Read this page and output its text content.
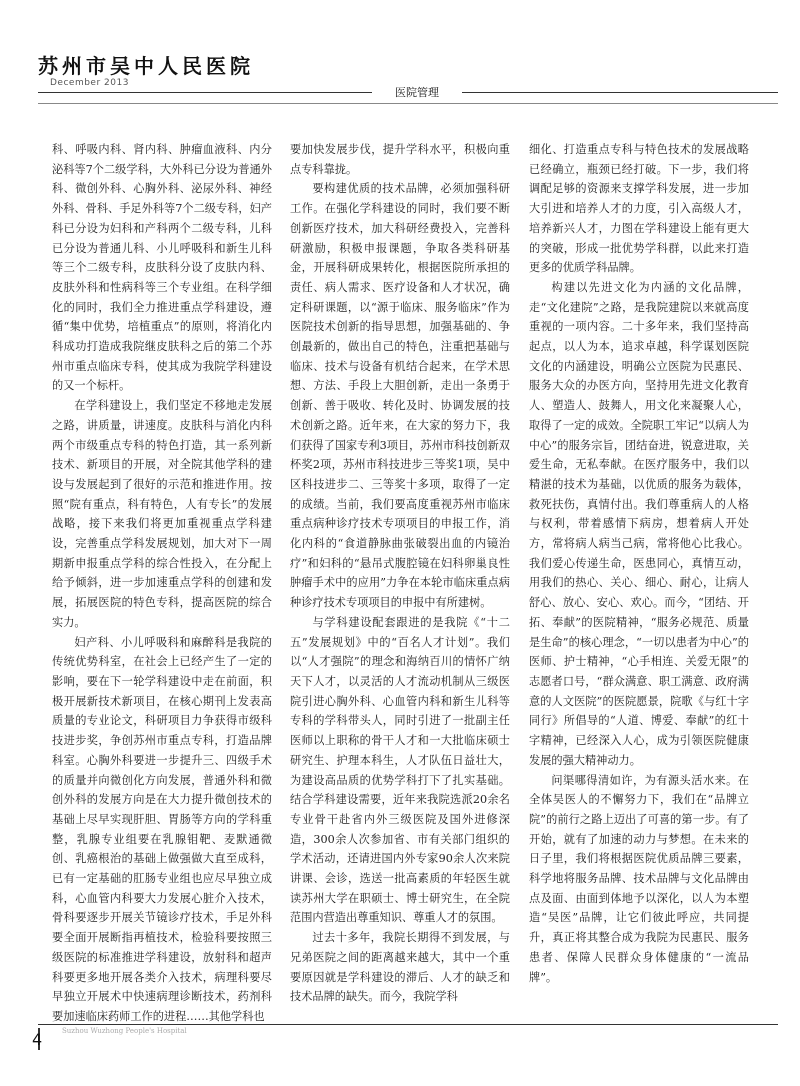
苏州市吴中人民医院
December 2013
医院管理

科、呼吸内科、肾内科、肿瘤血液科、内分泌科等7个二级学科，大外科已分设为普通外科、微创外科、心胸外科、泌尿外科、神经外科、骨科、手足外科等7个二级专科，妇产科已分设为妇科和产科两个二级专科，儿科已分设为普通儿科、小儿呼吸科和新生儿科等三个二级专科，皮肤科分设了皮肤内科、皮肤外科和性病科等三个专业组。在科学细化的同时，我们全力推进重点学科建设，遵循“集中优势，培植重点”的原则，将消化内科成功打造成我院继皮肤科之后的第二个苏州市重点临床专科，使其成为我院学科建设的又一个标杆。

在学科建设上，我们坚定不移地走发展之路，讲质量，讲速度。皮肤科与消化内科两个市级重点专科的特色打造，其一系列新技术、新项目的开展，对全院其他学科的建设与发展起到了很好的示范和推进作用。按照“院有重点，科有特色，人有专长”的发展战略，接下来我们将更加重视重点学科建设，完善重点学科发展规划，加大对下一周期新申报重点学科的综合性投入，在分配上给予倾斜，进一步加速重点学科的创建和发展，拓展医院的特色专科，提高医院的综合实力。

妇产科、小儿呼吸科和麻醉科是我院的传统优势科室，在社会上已经产生了一定的影响，要在下一轮学科建设中走在前面，积极开展新技术新项目，在核心期刊上发表高质量的专业论文，科研项目力争获得市级科技进步奖，争创苏州市重点专科，打造品牌科室。心胸外科要进一步提升三、四级手术的质量并向微创化方向发展，普通外科和微创外科的发展方向是在大力提升微创技术的基础上尽早实现肝胆、胃肠等方向的学科重整，乳腺专业组要在乳腺钼靶、麦默通微创、乳癌根治的基础上做强做大直至成科，已有一定基础的肛肠专业组也应尽早独立成科，心血管内科要大力发展心脏介入技术，骨科要逐步开展关节镜诊疗技术，手足外科要全面开展断指再植技术，检验科要按照三级医院的标准推进学科建设，放射科和超声科要更多地开展各类介入技术，病理科要尽早独立开展术中快速病理诊断技术，药剂科要加速临床药师工作的进程……其他学科也

要加快发展步伐，提升学科水平，积极向重点专科靠拢。

要构建优质的技术品牌，必须加强科研工作。在强化学科建设的同时，我们要不断创新医疗技术，加大科研经费投入，完善科研激励，积极申报课题，争取各类科研基金，开展科研成果转化，根据医院所承担的责任、病人需求、医疗设备和人才状况，确定科研课题，以“源于临床、服务临床”作为医院技术创新的指导思想，加强基础的、争创最新的，做出自己的特色，注重把基础与临床、技术与设备有机结合起来，在学术思想、方法、手段上大胆创新，走出一条勇于创新、善于吸收、转化及时、协调发展的技术创新之路。近年来，在大家的努力下，我们获得了国家专利3项目，苏州市科技创新双杯奖2项，苏州市科技进步三等奖1项，吴中区科技进步二、三等奖十多项，取得了一定的成绩。当前，我们要高度重视苏州市临床重点病种诊疗技术专项项目的申报工作，消化内科的“食道静脉曲张破裂出血的内镜治疗”和妇科的“悬吊式腹腔镜在妇科卵巢良性肿瘤手术中的应用”力争在本轮市临床重点病种诊疗技术专项项目的申报中有所建树。

与学科建设配套跟进的是我院《“十二五”发展规划》中的“百名人才计划”。我们以“人才强院”的理念和海纳百川的情怀广纳天下人才，以灵活的人才流动机制从三级医院引进心胸外科、心血管内科和新生儿科等专科的学科带头人，同时引进了一批副主任医师以上职称的骨干人才和一大批临床硕士研究生、护理本科生，人才队伍日益壮大，为建设高品质的优势学科打下了扎实基础。结合学科建设需要，近年来我院选派20余名专业骨干赴省内外三级医院及国外进修深造，300余人次参加省、市有关部门组织的学术活动，还请进国内外专家90余人次来院讲课、会诊，选送一批高素质的年轻医生就读苏州大学在职硕士、博士研究生，在全院范围内营造出尊重知识、尊重人才的氛围。

过去十多年，我院长期得不到发展，与兄弟医院之间的距离越来越大，其中一个重要原因就是学科建设的滞后、人才的缺乏和技术品牌的缺失。而今，我院学科

细化、打造重点专科与特色技术的发展战略已经确立，瓶颈已经打破。下一步，我们将调配足够的资源来支撑学科发展，进一步加大引进和培养人才的力度，引入高级人才，培养新兴人才，力图在学科建设上能有更大的突破，形成一批优势学科群，以此来打造更多的优质学科品牌。

构建以先进文化为内涵的文化品牌，走“文化建院”之路，是我院建院以来就高度重视的一项内容。二十多年来，我们坚持高起点，以人为本，追求卓越，科学谋划医院文化的内涵建设，明确公立医院为民惠民、服务大众的办医方向，坚持用先进文化教育人、塑造人、鼓舞人，用文化来凝聚人心，取得了一定的成效。全院职工牢记“以病人为中心”的服务宗旨，团结奋进，锐意进取，关爱生命，无私奉献。在医疗服务中，我们以精湛的技术为基础，以优质的服务为载体，救死扶伤，真情付出。我们尊重病人的人格与权利，带着感情下病房，想着病人开处方，常将病人病当己病，常将他心比我心。我们爱心传递生命，医患同心，真情互动，用我们的热心、关心、细心、耐心，让病人舒心、放心、安心、欢心。而今，“团结、开拓、奉献”的医院精神，“服务必规范、质量是生命”的核心理念，“一切以患者为中心”的医师、护士精神，“心手相连、关爱无限”的志愿者口号，“群众满意、职工满意、政府满意的人文医院”的医院愿景，院歌《与红十字同行》所倡导的“人道、博爱、奉献”的红十字精神，已经深入人心，成为引领医院健康发展的强大精神动力。

问渠哪得清如许，为有源头活水来。在全体吴医人的不懈努力下，我们在“品牌立院”的前行之路上迈出了可喜的第一步。有了开始，就有了加速的动力与梦想。在未来的日子里，我们将根据医院优质品牌三要素，科学地将服务品牌、技术品牌与文化品牌由点及面、由面到体地予以深化，以人为本塑造“吴医”品牌，让它们彼此呼应，共同提升，真正将其整合成为我院为民惠民、服务患者、保障人民群众身体健康的“一流品牌”。

4	Suzhou Wuzhong People's Hospital
